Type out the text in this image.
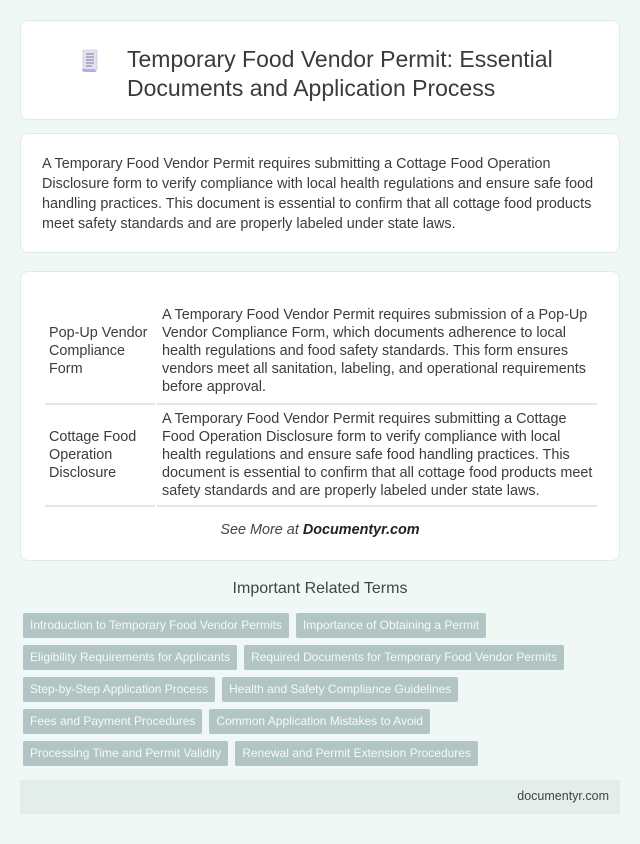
Temporary Food Vendor Permit: Essential Documents and Application Process

A Temporary Food Vendor Permit requires submitting a Cottage Food Operation Disclosure form to verify compliance with local health regulations and ensure safe food handling practices. This document is essential to confirm that all cottage food products meet safety standards and are properly labeled under state laws.

Pop-Up Vendor Compliance Form	A Temporary Food Vendor Permit requires submission of a Pop-Up Vendor Compliance Form, which documents adherence to local health regulations and food safety standards. This form ensures vendors meet all sanitation, labeling, and operational requirements before approval.
Cottage Food Operation Disclosure	A Temporary Food Vendor Permit requires submitting a Cottage Food Operation Disclosure form to verify compliance with local health regulations and ensure safe food handling practices. This document is essential to confirm that all cottage food products meet safety standards and are properly labeled under state laws.
See More at Documentyr.com
Important Related Terms
Introduction to Temporary Food Vendor Permits	Importance of Obtaining a Permit
Eligibility Requirements for Applicants	Required Documents for Temporary Food Vendor Permits
Step-by-Step Application Process	Health and Safety Compliance Guidelines
Fees and Payment Procedures	Common Application Mistakes to Avoid
Processing Time and Permit Validity	Renewal and Permit Extension Procedures
documentyr.com
